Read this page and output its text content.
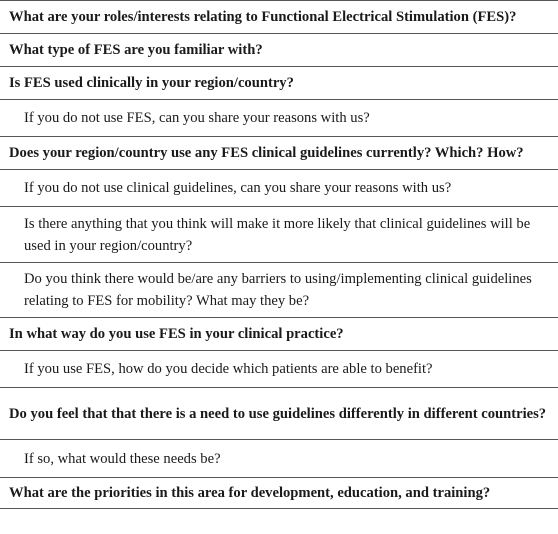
What are your roles/interests relating to Functional Electrical Stimulation (FES)?
What type of FES are you familiar with?
Is FES used clinically in your region/country?
If you do not use FES, can you share your reasons with us?
Does your region/country use any FES clinical guidelines currently? Which? How?
If you do not use clinical guidelines, can you share your reasons with us?
Is there anything that you think will make it more likely that clinical guidelines will be used in your region/country?
Do you think there would be/are any barriers to using/implementing clinical guidelines relating to FES for mobility? What may they be?
In what way do you use FES in your clinical practice?
If you use FES, how do you decide which patients are able to benefit?
Do you feel that that there is a need to use guidelines differently in different countries?
If so, what would these needs be?
What are the priorities in this area for development, education, and training?
